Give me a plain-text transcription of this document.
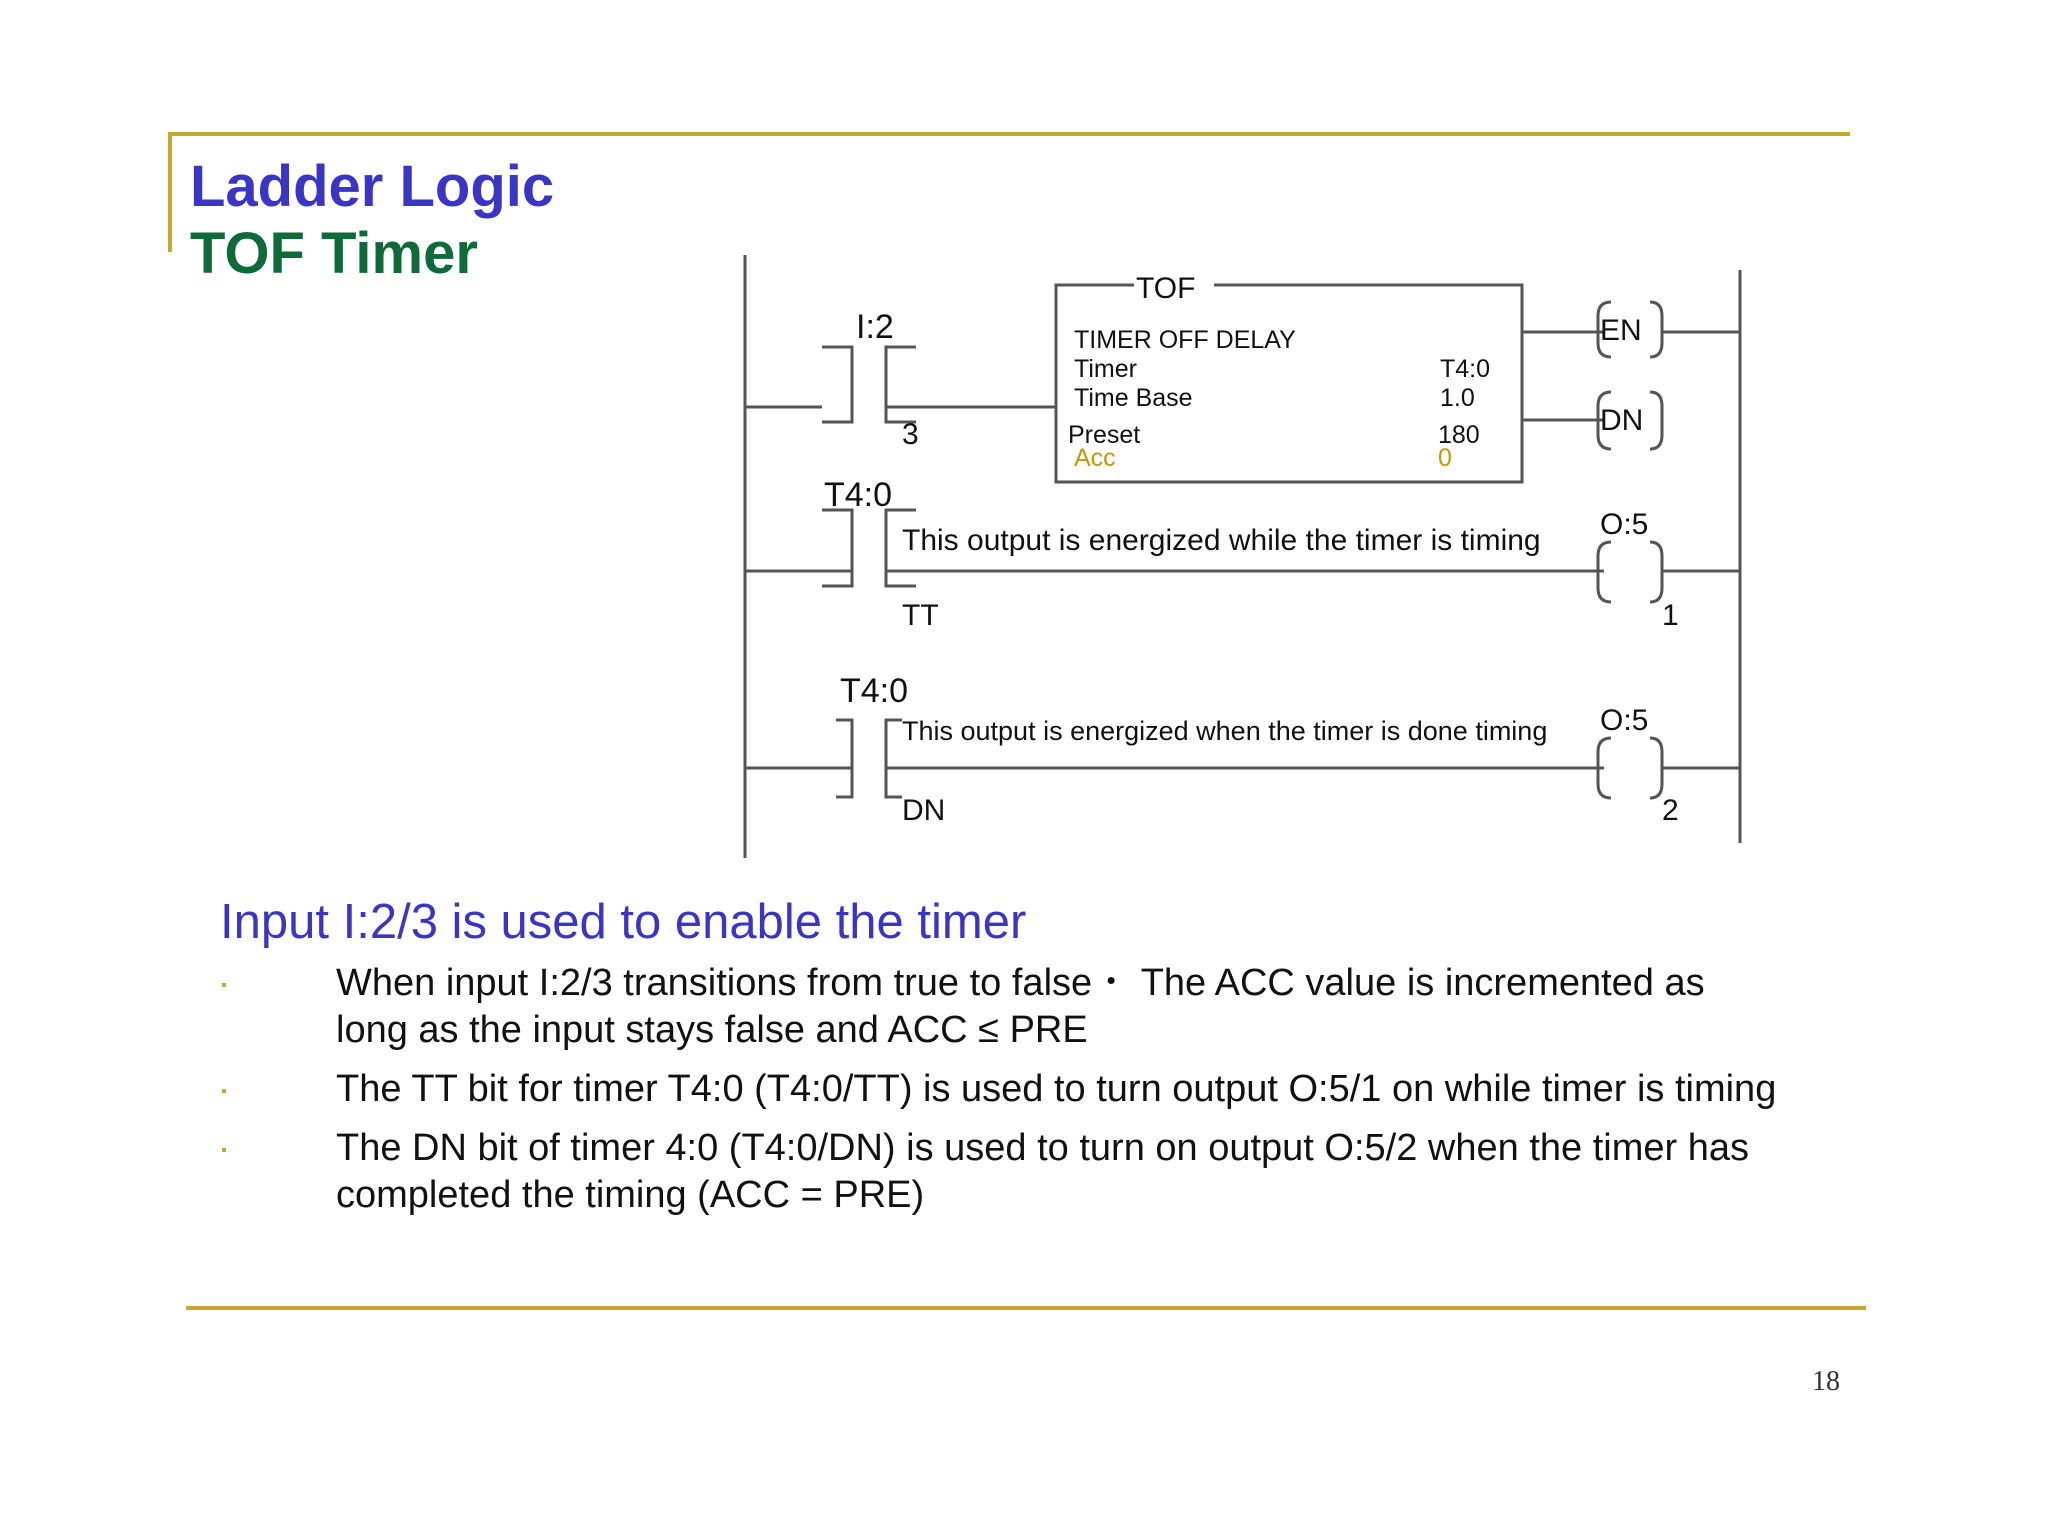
Ladder Logic
TOF Timer
I:2
3
TOF
TIMER OFF DELAY
Timer	T4:0
Time Base	1.0
Preset	180
Acc	0
EN
DN
T4:0
This output is energized while the timer is timing
TT
O:5
1
T4:0
This output is energized when the timer is done timing
DN
O:5
2
Input I:2/3 is used to enable the timer
When input I:2/3 transitions from true to false・ The ACC value is incremented as long as the input stays false and ACC ≤ PRE
The TT bit for timer T4:0 (T4:0/TT) is used to turn output O:5/1 on while timer is timing
The DN bit of timer 4:0 (T4:0/DN) is used to turn on output O:5/2 when the timer has completed the timing (ACC = PRE)
18
